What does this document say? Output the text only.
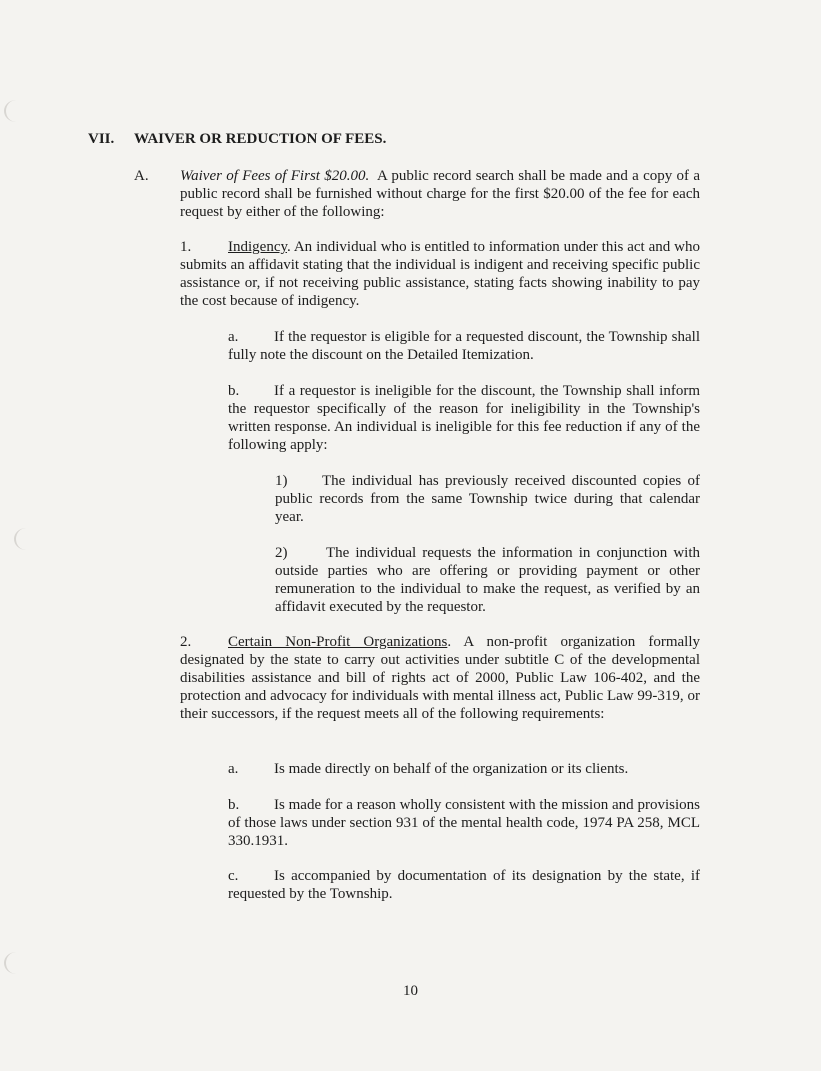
VII. WAIVER OR REDUCTION OF FEES.
A. Waiver of Fees of First $20.00. A public record search shall be made and a copy of a public record shall be furnished without charge for the first $20.00 of the fee for each request by either of the following:
1. Indigency. An individual who is entitled to information under this act and who submits an affidavit stating that the individual is indigent and receiving specific public assistance or, if not receiving public assistance, stating facts showing inability to pay the cost because of indigency.
a. If the requestor is eligible for a requested discount, the Township shall fully note the discount on the Detailed Itemization.
b. If a requestor is ineligible for the discount, the Township shall inform the requestor specifically of the reason for ineligibility in the Township's written response. An individual is ineligible for this fee reduction if any of the following apply:
1) The individual has previously received discounted copies of public records from the same Township twice during that calendar year.
2)	The individual requests the information in conjunction with outside parties who are offering or providing payment or other remuneration to the individual to make the request, as verified by an affidavit executed by the requestor.
2. Certain Non-Profit Organizations. A non-profit organization formally designated by the state to carry out activities under subtitle C of the developmental disabilities assistance and bill of rights act of 2000, Public Law 106-402, and the protection and advocacy for individuals with mental illness act, Public Law 99-319, or their successors, if the request meets all of the following requirements:
a. Is made directly on behalf of the organization or its clients.
b. Is made for a reason wholly consistent with the mission and provisions of those laws under section 931 of the mental health code, 1974 PA 258, MCL 330.1931.
c. Is accompanied by documentation of its designation by the state, if requested by the Township.
10
